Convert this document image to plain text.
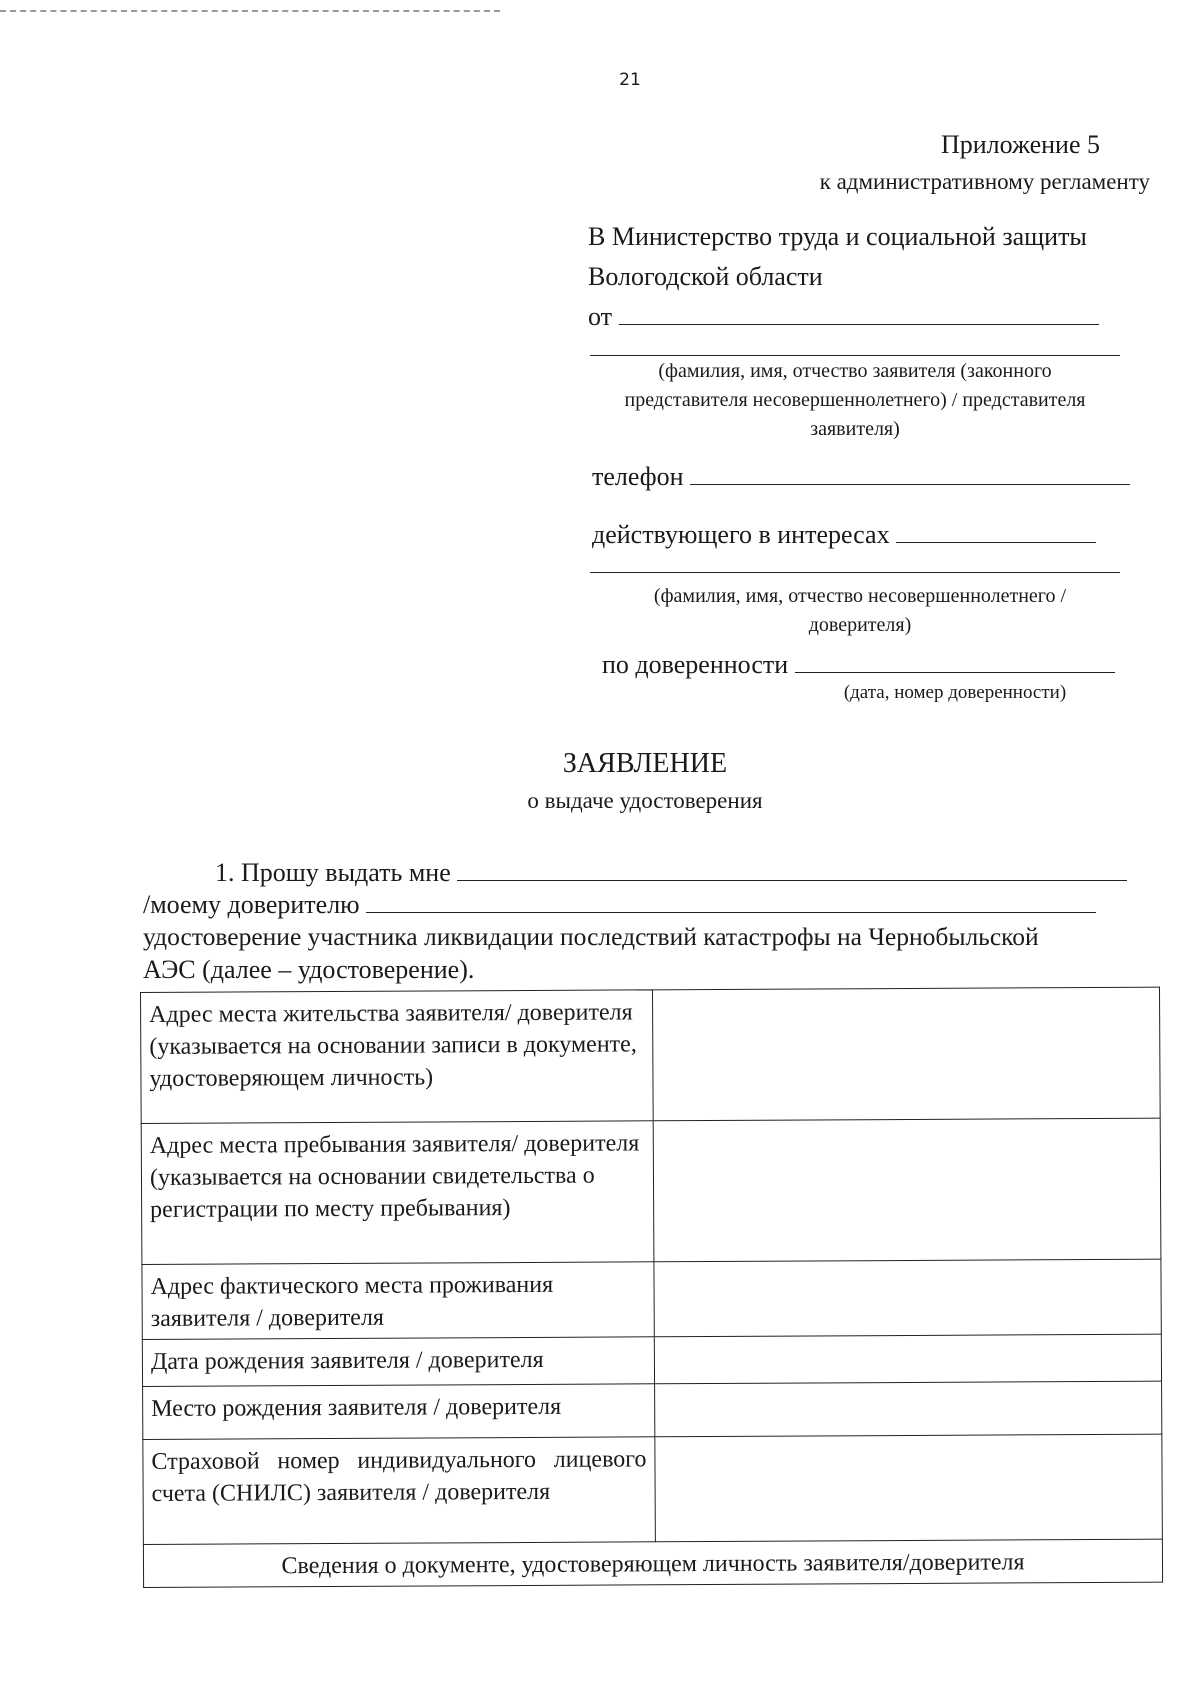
21
Приложение 5
к административному регламенту
В Министерство труда и социальной защиты
Вологодской области
от
(фамилия, имя, отчество заявителя (законного представителя несовершеннолетнего) / представителя заявителя)
телефон
действующего в интересах
(фамилия, имя, отчество несовершеннолетнего / доверителя)
по доверенности
(дата, номер доверенности)
ЗАЯВЛЕНИЕ
о выдаче удостоверения
1. Прошу выдать мне
/моему доверителю
удостоверение участника ликвидации последствий катастрофы на Чернобыльской
АЭС (далее – удостоверение).
Адрес места жительства заявителя/ доверителя (указывается на основании записи в документе, удостоверяющем личность)	
Адрес места пребывания заявителя/ доверителя (указывается на основании свидетельства о регистрации по месту пребывания)	
Адрес фактического места проживания заявителя / доверителя	
Дата рождения заявителя / доверителя	
Место рождения заявителя / доверителя	
Страховой номер индивидуального лицевого счета (СНИЛС) заявителя / доверителя	
Сведения о документе, удостоверяющем личность заявителя/доверителя	
